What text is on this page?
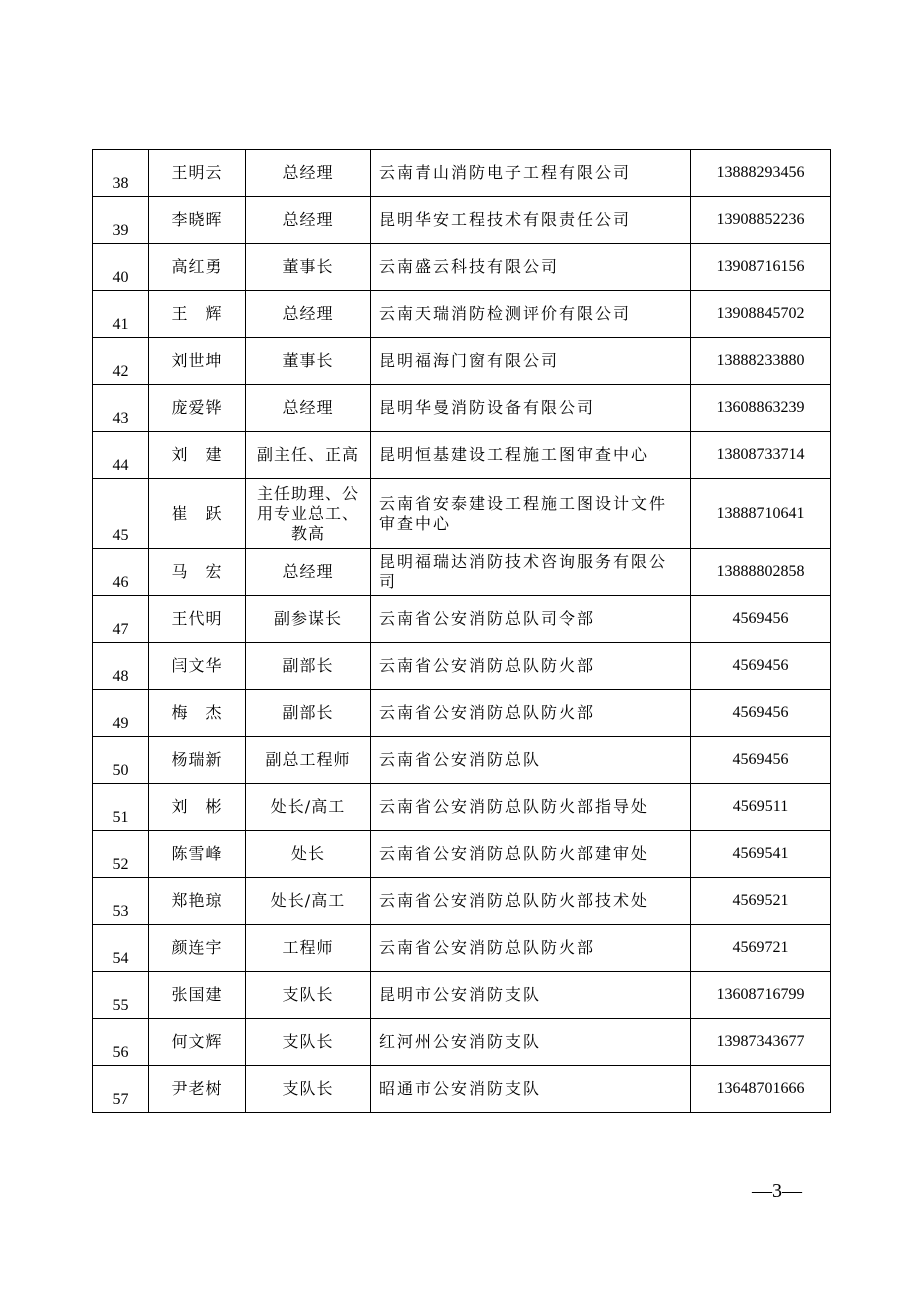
38	王明云	总经理	云南青山消防电子工程有限公司	13888293456
39	李晓晖	总经理	昆明华安工程技术有限责任公司	13908852236
40	高红勇	董事长	云南盛云科技有限公司	13908716156
41	王　辉	总经理	云南天瑞消防检测评价有限公司	13908845702
42	刘世坤	董事长	昆明福海门窗有限公司	13888233880
43	庞爱铧	总经理	昆明华曼消防设备有限公司	13608863239
44	刘　建	副主任、正高	昆明恒基建设工程施工图审查中心	13808733714
45	崔　跃	主任助理、公用专业总工、教高	云南省安泰建设工程施工图设计文件审查中心	13888710641
46	马　宏	总经理	昆明福瑞达消防技术咨询服务有限公司	13888802858
47	王代明	副参谋长	云南省公安消防总队司令部	4569456
48	闫文华	副部长	云南省公安消防总队防火部	4569456
49	梅　杰	副部长	云南省公安消防总队防火部	4569456
50	杨瑞新	副总工程师	云南省公安消防总队	4569456
51	刘　彬	处长/高工	云南省公安消防总队防火部指导处	4569511
52	陈雪峰	处长	云南省公安消防总队防火部建审处	4569541
53	郑艳琼	处长/高工	云南省公安消防总队防火部技术处	4569521
54	颜连宇	工程师	云南省公安消防总队防火部	4569721
55	张国建	支队长	昆明市公安消防支队	13608716799
56	何文辉	支队长	红河州公安消防支队	13987343677
57	尹老树	支队长	昭通市公安消防支队	13648701666
—3—
